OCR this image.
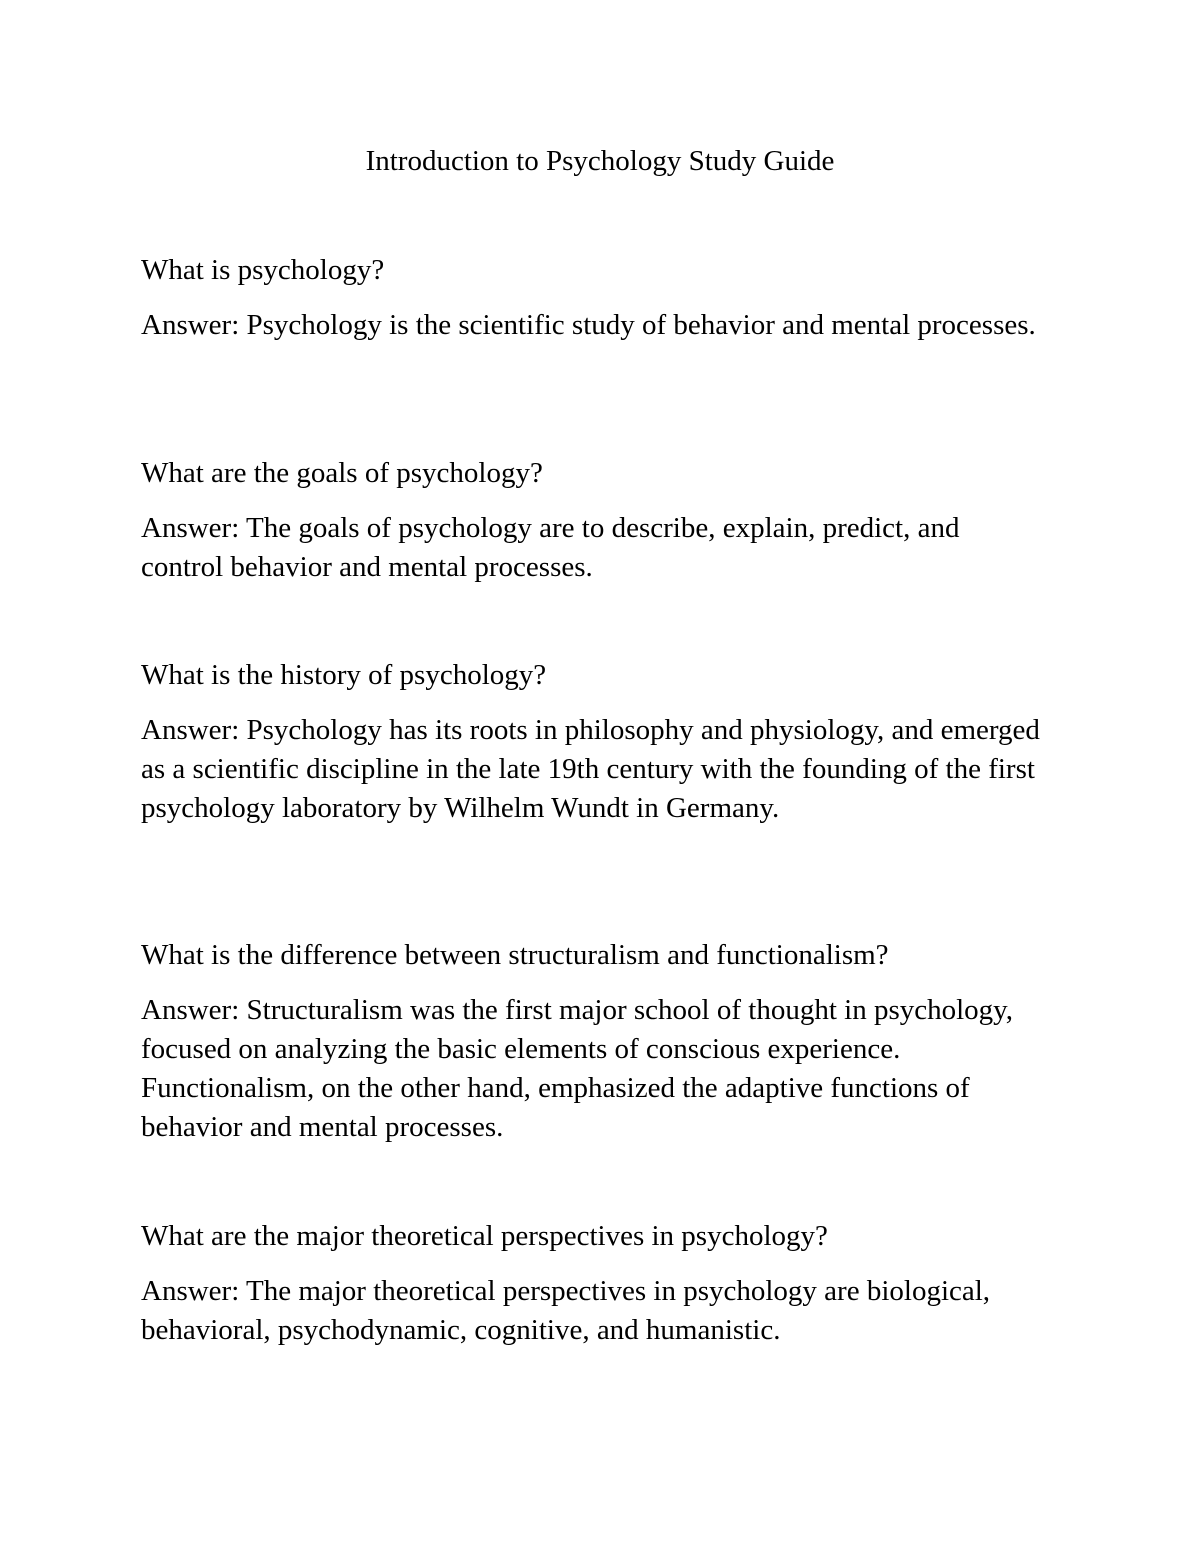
Introduction to Psychology Study Guide

What is psychology?

Answer: Psychology is the scientific study of behavior and mental processes.

What are the goals of psychology?

Answer: The goals of psychology are to describe, explain, predict, and control behavior and mental processes.

What is the history of psychology?

Answer: Psychology has its roots in philosophy and physiology, and emerged as a scientific discipline in the late 19th century with the founding of the first psychology laboratory by Wilhelm Wundt in Germany.

What is the difference between structuralism and functionalism?

Answer: Structuralism was the first major school of thought in psychology, focused on analyzing the basic elements of conscious experience. Functionalism, on the other hand, emphasized the adaptive functions of behavior and mental processes.

What are the major theoretical perspectives in psychology?

Answer: The major theoretical perspectives in psychology are biological, behavioral, psychodynamic, cognitive, and humanistic.
